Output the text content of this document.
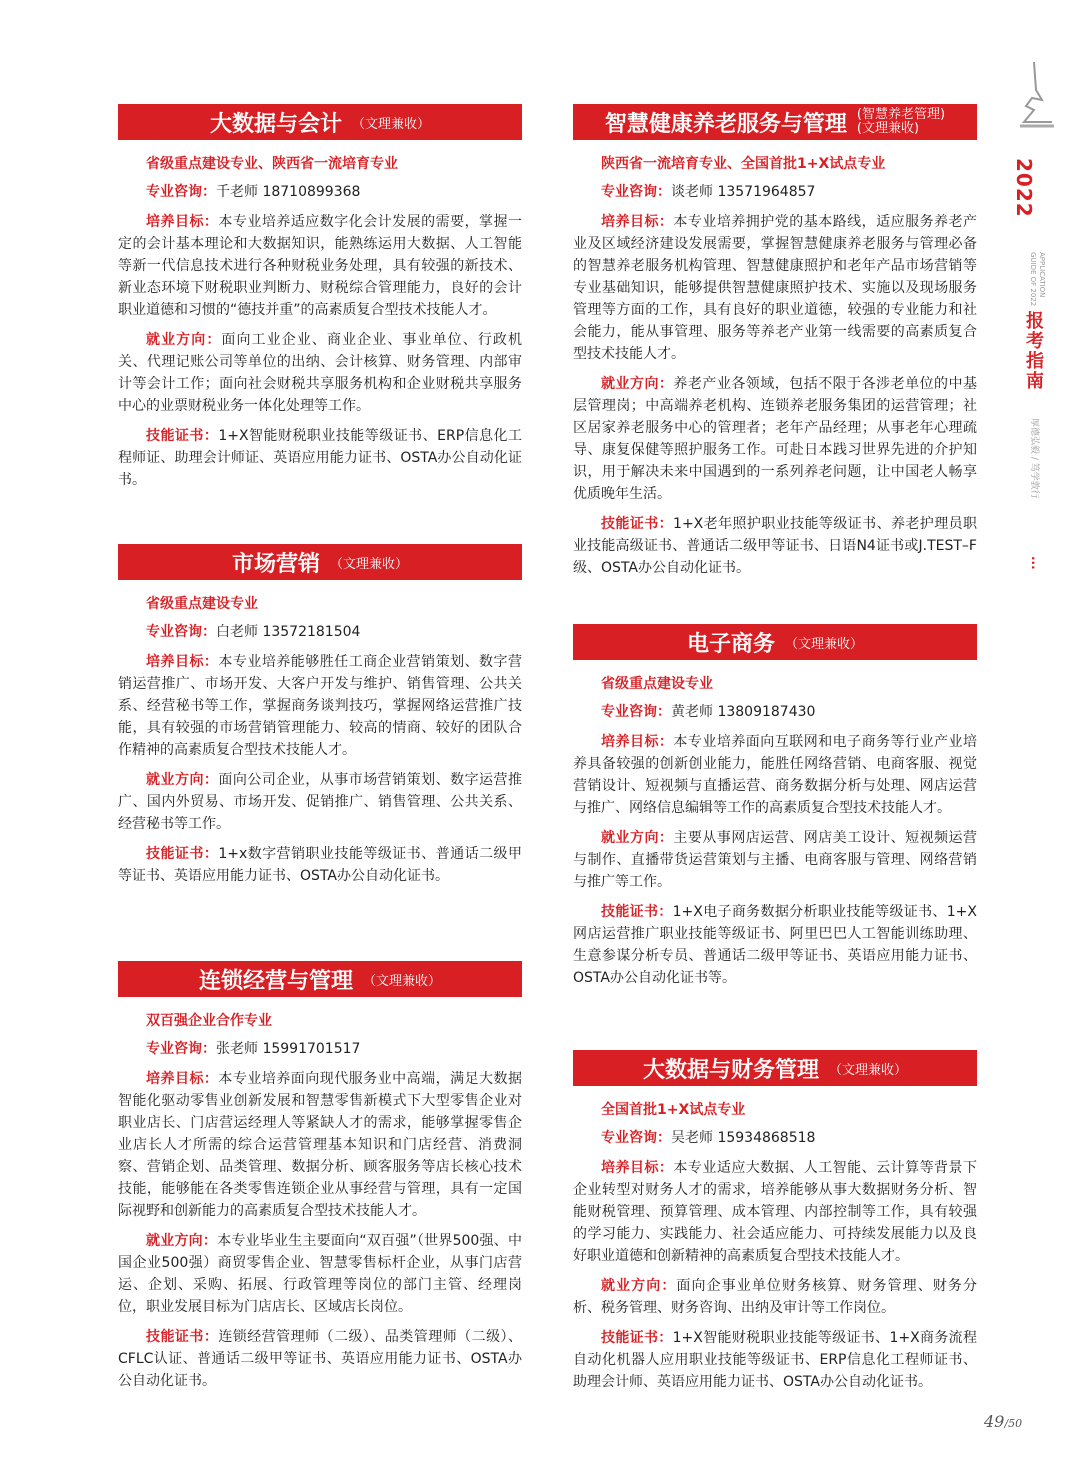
大数据与会计 （文理兼收）
省级重点建设专业、陕西省一流培育专业
专业咨询：千老师 18710899368
培养目标：本专业培养适应数字化会计发展的需要，掌握一定的会计基本理论和大数据知识，能熟练运用大数据、人工智能等新一代信息技术进行各种财税业务处理，具有较强的新技术、新业态环境下财税职业判断力、财税综合管理能力，良好的会计职业道德和习惯的“德技并重”的高素质复合型技术技能人才。
就业方向：面向工业企业、商业企业、事业单位、行政机关、代理记账公司等单位的出纳、会计核算、财务管理、内部审计等会计工作；面向社会财税共享服务机构和企业财税共享服务中心的业票财税业务一体化处理等工作。
技能证书：1+X智能财税职业技能等级证书、ERP信息化工程师证、助理会计师证、英语应用能力证书、OSTA办公自动化证书。
市场营销 （文理兼收）
省级重点建设专业
专业咨询：白老师 13572181504
培养目标：本专业培养能够胜任工商企业营销策划、数字营销运营推广、市场开发、大客户开发与维护、销售管理、公共关系、经营秘书等工作，掌握商务谈判技巧，掌握网络运营推广技能，具有较强的市场营销管理能力、较高的情商、较好的团队合作精神的高素质复合型技术技能人才。
就业方向：面向公司企业，从事市场营销策划、数字运营推广、国内外贸易、市场开发、促销推广、销售管理、公共关系、经营秘书等工作。
技能证书：1+x数字营销职业技能等级证书、普通话二级甲等证书、英语应用能力证书、OSTA办公自动化证书。
连锁经营与管理 （文理兼收）
双百强企业合作专业
专业咨询：张老师 15991701517
培养目标：本专业培养面向现代服务业中高端，满足大数据智能化驱动零售业创新发展和智慧零售新模式下大型零售企业对职业店长、门店营运经理人等紧缺人才的需求，能够掌握零售企业店长人才所需的综合运营管理基本知识和门店经营、消费洞察、营销企划、品类管理、数据分析、顾客服务等店长核心技术技能，能够能在各类零售连锁企业从事经营与管理，具有一定国际视野和创新能力的高素质复合型技术技能人才。
就业方向：本专业毕业生主要面向“双百强”（世界500强、中国企业500强）商贸零售企业、智慧零售标杆企业，从事门店营运、企划、采购、拓展、行政管理等岗位的部门主管、经理岗位，职业发展目标为门店店长、区域店长岗位。
技能证书：连锁经营管理师（二级）、品类管理师（二级）、CFLC认证、普通话二级甲等证书、英语应用能力证书、OSTA办公自动化证书。
智慧健康养老服务与管理 (智慧养老管理)
(文理兼收)
陕西省一流培育专业、全国首批1+X试点专业
专业咨询：谈老师 13571964857
培养目标：本专业培养拥护党的基本路线，适应服务养老产业及区域经济建设发展需要，掌握智慧健康养老服务与管理必备的智慧养老服务机构管理、智慧健康照护和老年产品市场营销等专业基础知识，能够提供智慧健康照护技术、实施以及现场服务管理等方面的工作，具有良好的职业道德，较强的专业能力和社会能力，能从事管理、服务等养老产业第一线需要的高素质复合型技术技能人才。
就业方向：养老产业各领域，包括不限于各涉老单位的中基层管理岗；中高端养老机构、连锁养老服务集团的运营管理；社区居家养老服务中心的管理者；老年产品经理；从事老年心理疏导、康复保健等照护服务工作。可赴日本践习世界先进的介护知识，用于解决未来中国遇到的一系列养老问题，让中国老人畅享优质晚年生活。
技能证书：1+X老年照护职业技能等级证书、养老护理员职业技能高级证书、普通话二级甲等证书、日语N4证书或J.TEST–F级、OSTA办公自动化证书。
电子商务 （文理兼收）
省级重点建设专业
专业咨询：黄老师 13809187430
培养目标：本专业培养面向互联网和电子商务等行业产业培养具备较强的创新创业能力，能胜任网络营销、电商客服、视觉营销设计、短视频与直播运营、商务数据分析与处理、网店运营与推广、网络信息编辑等工作的高素质复合型技术技能人才。
就业方向：主要从事网店运营、网店美工设计、短视频运营与制作、直播带货运营策划与主播、电商客服与管理、网络营销与推广等工作。
技能证书：1+X电子商务数据分析职业技能等级证书、1+X网店运营推广职业技能等级证书、阿里巴巴人工智能训练助理、生意参谋分析专员、普通话二级甲等证书、英语应用能力证书、OSTA办公自动化证书等。
大数据与财务管理 （文理兼收）
全国首批1+X试点专业
专业咨询：吴老师 15934868518
培养目标：本专业适应大数据、人工智能、云计算等背景下企业转型对财务人才的需求，培养能够从事大数据财务分析、智能财税管理、预算管理、成本管理、内部控制等工作，具有较强的学习能力、实践能力、社会适应能力、可持续发展能力以及良好职业道德和创新精神的高素质复合型技术技能人才。
就业方向：面向企事业单位财务核算、财务管理、财务分析、税务管理、财务咨询、出纳及审计等工作岗位。
技能证书：1+X智能财税职业技能等级证书、1+X商务流程自动化机器人应用职业技能等级证书、ERP信息化工程师证书、助理会计师、英语应用能力证书、OSTA办公自动化证书。
2022
APPLICATION
GUIDE OF 2022
报考指南
厚德弘毅 / 笃学敦行
···
49/50
